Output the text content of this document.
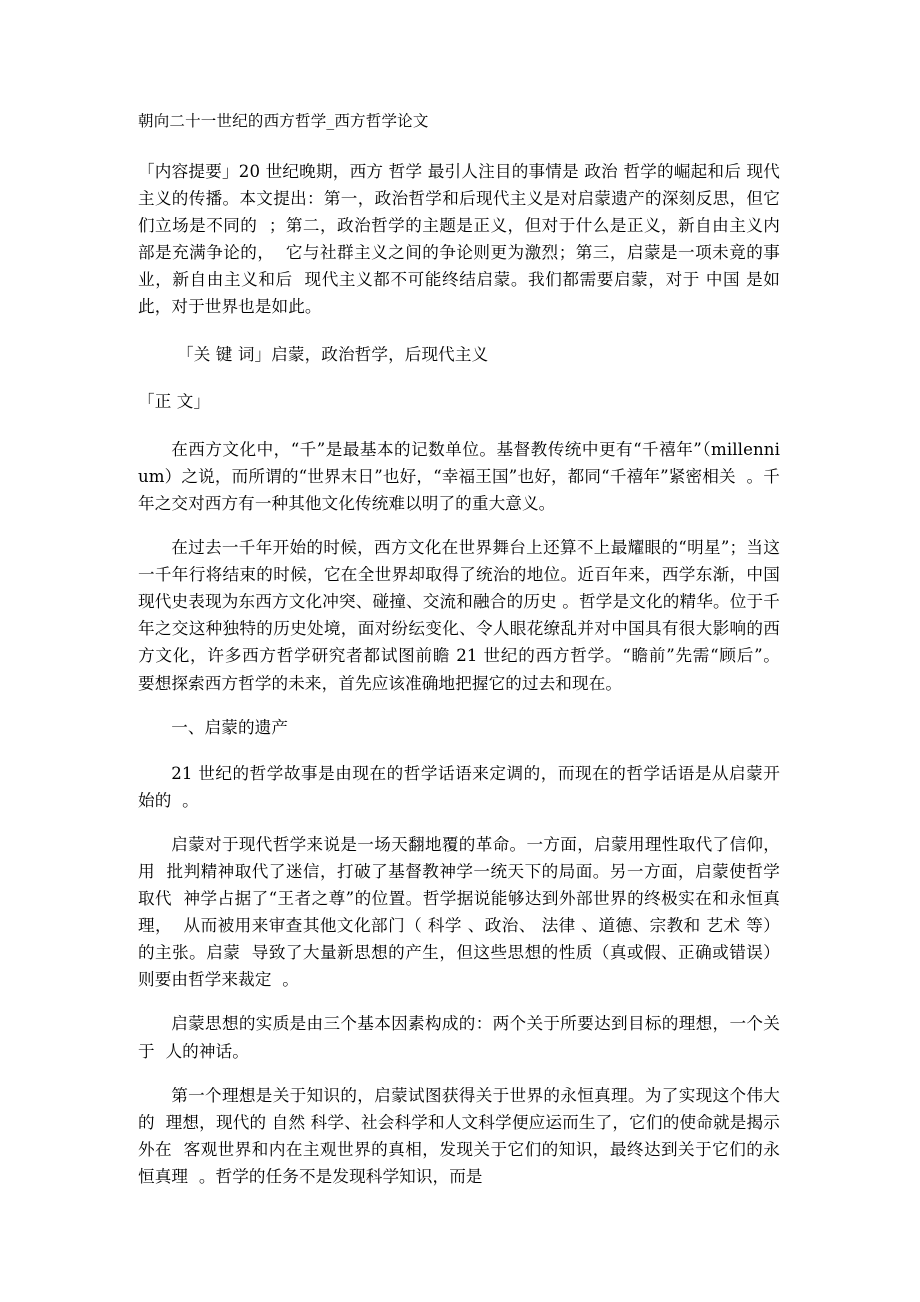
朝向二十一世纪的西方哲学_西方哲学论文

「内容提要」20 世纪晚期，西方 哲学 最引人注目的事情是 政治 哲学的崛起和后 现代 主义的传播。本文提出：第一，政治哲学和后现代主义是对启蒙遗产的深刻反思，但它们立场是不同的  ；第二，政治哲学的主题是正义，但对于什么是正义，新自由主义内部是充满争论的，  它与社群主义之间的争论则更为激烈；第三，启蒙是一项未竟的事业，新自由主义和后  现代主义都不可能终结启蒙。我们都需要启蒙，对于 中国 是如此，对于世界也是如此。

「关 键 词」启蒙，政治哲学，后现代主义

「正 文」

在西方文化中，“千”是最基本的记数单位。基督教传统中更有“千禧年”（millenni um）之说，而所谓的“世界末日”也好，“幸福王国”也好，都同“千禧年”紧密相关  。千年之交对西方有一种其他文化传统难以明了的重大意义。

在过去一千年开始的时候，西方文化在世界舞台上还算不上最耀眼的“明星”；当这  一千年行将结束的时候，它在全世界却取得了统治的地位。近百年来，西学东渐，中国  现代史表现为东西方文化冲突、碰撞、交流和融合的历史 。哲学是文化的精华。位于千  年之交这种独特的历史处境，面对纷纭变化、令人眼花缭乱并对中国具有很大影响的西  方文化，许多西方哲学研究者都试图前瞻 21 世纪的西方哲学。“瞻前”先需“顾后”。  要想探索西方哲学的未来，首先应该准确地把握它的过去和现在。

一、启蒙的遗产

21 世纪的哲学故事是由现在的哲学话语来定调的，而现在的哲学话语是从启蒙开始的  。

启蒙对于现代哲学来说是一场天翻地覆的革命。一方面，启蒙用理性取代了信仰，用  批判精神取代了迷信，打破了基督教神学一统天下的局面。另一方面，启蒙使哲学取代  神学占据了“王者之尊”的位置。哲学据说能够达到外部世界的终极实在和永恒真理，  从而被用来审查其他文化部门（ 科学 、政治、 法律 、道德、宗教和 艺术 等）的主张。启蒙  导致了大量新思想的产生，但这些思想的性质（真或假、正确或错误）则要由哲学来裁定  。

启蒙思想的实质是由三个基本因素构成的：两个关于所要达到目标的理想，一个关于  人的神话。

第一个理想是关于知识的，启蒙试图获得关于世界的永恒真理。为了实现这个伟大的  理想，现代的 自然 科学、社会科学和人文科学便应运而生了，它们的使命就是揭示外在  客观世界和内在主观世界的真相，发现关于它们的知识，最终达到关于它们的永恒真理  。哲学的任务不是发现科学知识，而是
